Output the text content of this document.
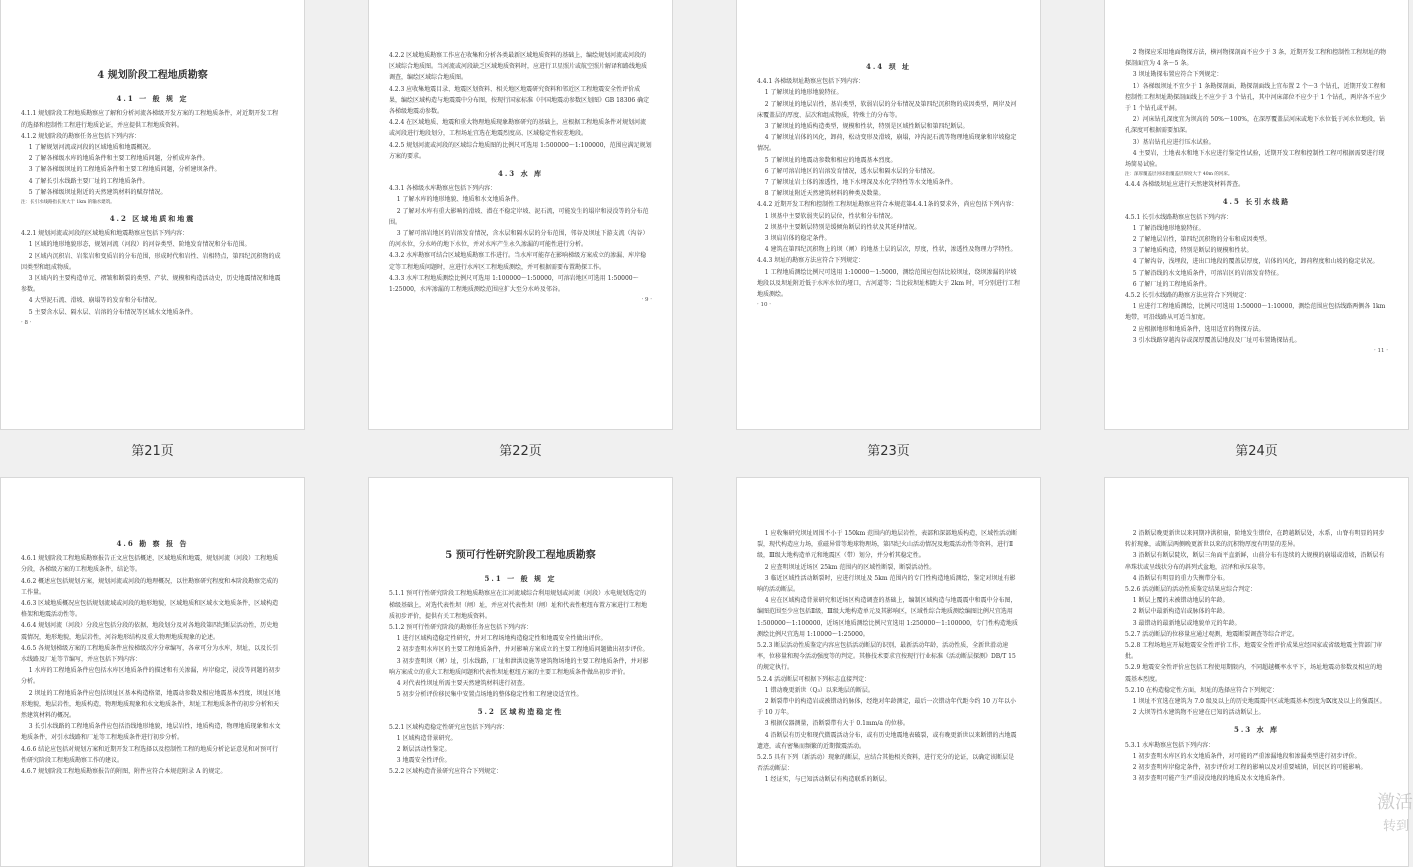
4 规划阶段工程地质勘察

4.1 一 般 规 定

4.1.1 规划阶段工程地质勘察应了解和分析河流各梯级开发方案的工程地质条件，对近期开发工程的选择和控制性工程进行地质论证，并应提供工程地质资料。

4.1.2 规划阶段的勘察任务应包括下列内容：

1 了解规划河流或河段的区域地质和地震概况。

2 了解各梯级水库的地质条件和主要工程地质问题，分析成库条件。

3 了解各梯级坝址的工程地质条件和主要工程地质问题，分析建坝条件。

4 了解长引水线路主要厂址的工程地质条件。

5 了解各梯级坝址附近的天然建筑材料的赋存情况。

注：长引水线路指长度大于 1km 的输水建筑。

4.2 区域地质和地震

4.2.1 规划河流或河段的区域地质和地震勘察应包括下列内容：

1 区域的地形地貌形态，规划河流（河段）的河谷类型、阶地发育情况和分布范围。

2 区域内沉积岩、岩浆岩和变质岩的分布范围，形成时代和岩性、岩相特点，第四纪沉积物的成因类型和组成物质。

3 区域内的主要构造单元、褶皱和断裂的类型、产状、规模和构造活动史，历史地震情况和地震参数。

4 大型泥石流、滑坡、崩塌等的发育和分布情况。

5 主要含水层、隔水层、岩溶的分布情况等区域水文地质条件。

· 8 ·

第21页

4.2.2 区域地质勘察工作应在收集和分析各类最新区域地质资料的基础上，编绘规划河流或河段的区域综合地质图。当河流或河段缺乏区域地质资料时，应进行卫星照片或航空照片解译和路线地质调查，编绘区域综合地质图。

4.2.3 应收集地震目录、地震区划资料、相关地区地震研究资料和邻近区工程地震安全性评价成果，编绘区域构造与地震震中分布图，按现行国家标准《中国地震动参数区划图》GB 18306 确定各梯级地震动参数。

4.2.4 在区域地质、地震和重大物理地质现象勘察研究的基础上，应根据工程地质条件对规划河流或河段进行地段划分，工程场址宜选在地震烈度高、区域稳定性较差地段。

4.2.5 规划河流或河段的区域综合地质图的比例尺可选用 1:500000～1:100000，范围应满足规划方案的要求。

4.3 水 库

4.3.1 各梯级水库勘察应包括下列内容：

1 了解水库的地形地貌、地质和水文地质条件。

2 了解对水库有重大影响的滑坡、潜在不稳定岸坡、泥石流，可能发生的塌岸和浸没等的分布范围。

3 了解可溶岩地区的岩溶发育情况，含水层和隔水层的分布范围，邻谷及坝址下游支流（沟谷）的河水位，分水岭的地下水位，并对水库产生永久渗漏的可能性进行分析。

4.3.2 水库勘察可结合区域地质勘察工作进行。当水库可能存在影响梯级方案成立的渗漏、库岸稳定等工程地质问题时，应进行水库区工程地质测绘，并可根据需要布置勘探工作。

4.3.3 水库工程地质测绘比例尺可选用 1:100000～1:50000，可溶岩地区可选用 1:50000～1:25000，水库渗漏的工程地质测绘范围应扩大至分水岭及邻谷。

· 9 ·

第22页

4.4 坝 址

4.4.1 各梯级坝址勘察应包括下列内容：

1 了解坝址的地形地貌特征。

2 了解坝址的地层岩性，基岩类型，软弱岩层的分布情况及第四纪沉积物的成因类型，两岸及河床覆盖层的厚度、层次和组成物质，特殊土的分布等。

3 了解坝址的地质构造类型，规模和性状，特别是区域性断层和第四纪断层。

4 了解坝址岩体的风化，卸荷，松动变形及滑坡，崩塌，冲沟泥石流等物理地质现象和岸坡稳定情况。

5 了解坝址的地震动参数和相应的地震基本烈度。

6 了解可溶岩地区的岩溶发育情况，透水层和隔水层的分布情况。

7 了解坝址岩土体的渗透性，地下水埋深及水化学特性等水文地质条件。

8 了解坝址附近天然建筑材料的种类及数量。

4.4.2 近期开发工程和控制性工程坝址勘察应符合本规范第4.4.1条的要求外，尚应包括下列内容：

1 坝基中主要软弱夹层的层位，性状和分布情况。

2 坝基中主要断层特别是缓倾角断层的性状及其延伸情况。

3 坝肩岩体的稳定条件。

4 建筑在第四纪沉积物上的坝（闸）的地基土层的层次，厚度，性状，渗透性及物理力学特性。

4.4.3 坝址的勘察方法应符合下列规定：

1 工程地质测绘比例尺可选用 1:10000～1:5000，测绘范围应包括比较坝址，绕坝渗漏的岸坡地段以及坝址附近低于水库水位的垭口，古河道等；当比较坝址相距大于 2km 时，可分别进行工程地质测绘。

· 10 ·

第23页

2 物探应采用地面物探方法，横河物探剖面不应少于 3 条，近期开发工程和控制性工程坝址的物探剖面宜为 4 条～5 条。

3 坝址勘探布置应符合下列规定：

1）各梯级坝址不宜少于 1 条勘探剖面，勘探剖面线上宜布置 2 个～3 个钻孔，近期开发工程和控制性工程坝址勘探剖面线上不应少于 3 个钻孔，其中河床部位不应少于 1 个钻孔，两岸各不应少于 1 个钻孔或平洞。

2）河床钻孔深度宜为坝高的 50%～100%，在深厚覆盖层河床或地下水位低于河水位地段，钻孔深度可根据需要加深。

3）基岩钻孔应进行压水试验。

4 主要岩，土地表水和地下水应进行鉴定性试验，近期开发工程和控制性工程可根据需要进行现场简易试验。

注：深厚覆盖层河床指覆盖层厚度大于 40m 的河床。

4.4.4 各梯级坝址应进行天然建筑材料普查。

4.5 长引水线路

4.5.1 长引水线路勘察应包括下列内容：

1 了解沿线地形地貌特征。

2 了解地层岩性，第四纪沉积物的分布和成因类型。

3 了解地质构造，特别是断层的规模和性状。

4 了解沟谷，浅埋段，进出口地段的覆盖层厚度，岩体的风化，卸荷程度和山坡的稳定状况。

5 了解沿线的水文地质条件，可溶岩区的岩溶发育特征。

6 了解厂址的工程地质条件。

4.5.2 长引水线路的勘察方法应符合下列规定：

1 应进行工程地质测绘，比例尺可选用 1:50000～1:10000，测绘范围应包括线路两侧各 1km 地带，可沿线路从可适当加宽。

2 应根据地形和地质条件，选用适宜的物探方法。

3 引水线路穿越沟谷或深厚覆盖层地段及厂址可布置勘探钻孔。

· 11 ·

第24页

4.6 勘 察 报 告

4.6.1 规划阶段工程地质勘察报告正文应包括概述，区域地质和地震，规划河流（河段）工程地质分段，各梯级方案的工程地质条件，结论等。

4.6.2 概述应包括规划方案，规划河流或河段的地理概况，以往勘察研究程度和本阶段勘察完成的工作量。

4.6.3 区域地质概况应包括规划流域或河段的地形地貌，区域地质和区域水文地质条件，区域构造格架和地震活动性等。

4.6.4 规划河流（河段）分段应包括分段的依据，地段划分及对各地段第四纪断层活动性，历史地震情况，地形地貌，地层岩性，河谷地形结构及重大物理地质现象的论述。

4.6.5 各规划梯级方案的工程地质条件应按梯级次序分章编写，各章可分为水库，坝址，以及长引水线路及厂址等节编写，并应包括下列内容：

1 水库的工程地质条件应包括水库区地质条件的描述和有关渗漏，库岸稳定，浸没等问题的初步分析。

2 坝址的工程地质条件应包括坝址区基本构造格架，地震动参数及相应地震基本烈度，坝址区地形地貌，地层岩性，地质构造，物理地质现象和水文地质条件，坝址工程地质条件的初步分析和天然建筑材料的概况。

3 长引水线路的工程地质条件应包括沿线地形地貌，地层岩性，地质构造，物理地质现象和水文地质条件，对引水线路和厂址等工程地质条件进行初步分析。

4.6.6 结论应包括对规划方案和近期开发工程选择以及控制性工程的地质分析论证意见和对预可行性研究阶段工程地质勘察工作的建议。

4.6.7 规划阶段工程地质勘察报告的附图，附件应符合本规范附录 A 的规定。

5 预可行性研究阶段工程地质勘察

5.1 一 般 规 定

5.1.1 预可行性研究阶段工程地质勘察应在江河流域综合利用规划或河流（河段）水电规划选定的梯级基础上，对选代表性坝（闸）址，并应对代表性坝（闸）址和代表性枢纽布置方案进行工程地质初步评价，提供有关工程地质资料。

5.1.2 预可行性研究阶段的勘察任务应包括下列内容：

1 进行区域构造稳定性研究，并对工程场地构造稳定性和地震安全性做出评价。

2 初步查明水库区的主要工程地质条件，并对影响方案成立的主要工程地质问题做出初步评价。

3 初步查明坝（闸）址，引水线路，厂址和泄洪设施等建筑物场地的主要工程地质条件，并对影响方案成立的重大工程地质问题和代表性坝址枢纽方案的主要工程地质条件做出初步评价。

4 对代表性坝址所需主要天然建筑材料进行初查。

5 初步分析评价移民集中安置点场地的整体稳定性和工程建设适宜性。

5.2 区域构造稳定性

5.2.1 区域构造稳定性研究应包括下列内容：

1 区域构造背景研究。

2 断层活动性鉴定。

3 地震安全性评价。

5.2.2 区域构造背景研究应符合下列规定：

1 应收集研究坝址周围不小于 150km 范围内的地层岩性，表部和深部地质构造，区域性活动断裂，现代构造应力场，重磁异常等地球物理场，第四纪火山活动情况及地震活动性等资料，进行Ⅱ级，Ⅲ级大地构造单元和地震区（带）划分，并分析其稳定性。

2 应查明坝址近场区 25km 范围内的区域性断裂，断裂活动性。

3 临近区域性活动断裂时，应进行坝址及 5km 范围内的专门性构造地质测绘，鉴定对坝址有影响的活动断层。

4 应在区域构造背景研究和近场区构造调查的基础上，编制区域构造与地震震中和震中分布图，编图范围至少应包括Ⅱ级，Ⅲ级大地构造单元及其影响区，区域性综合地质测绘编图比例尺宜选用 1:500000～1:100000，近场区地质测绘比例尺宜选用 1:250000～1:100000，专门性构造地质测绘比例尺宜选用 1:10000～1:25000。

5.2.3 断层活动性质鉴定内容应包括活动断层的识别，最新活动年龄，活动性质，全新世滑动速率，位移量和现今活动强度等的判定。其修技术要求宜按现行行业标准《活动断层探测》DB/T 15 的规定执行。

5.2.4 活动断层可根据下列标志直接判定：

1 错动晚更新世（Q₃）以来地层的断层。

2 断裂带中的构造岩或被错动的脉体，经绝对年龄测定，最后一次错动年代距今约 10 万年以小于 10 万年。

3 根据仪器测量，沿断裂带有大于 0.1mm/a 的位移。

4 沿断层有历史和现代微震活动分布，或有历史地震地表破裂，或有晚更新世以来断错的古地震遗迹，或有密集而频繁的近期微震活动。

5.2.5 具有下列（新活动）现象的断层，应结合其他相关资料，进行充分的论证，以确定该断层是否活动断层：

1 经证实，与已知活动断层有构造联系的断层。

2 沿断层晚更新世以来同期冲洪积扇，阶地发生错位，在跨越断层处，水系，山脊有明显的同步转折现象，或断层两侧晚更新世以来的沉积物厚度有明显的差异。

3 沿断层有断层陡坎，断层三角面平直新鲜，山前分布有连续的大规模的崩塌或滑坡，沿断层有串珠状或呈线状分布的斜列式盆地，沼泽和承压泉等。

4 沿断层有明显的重力失衡带分布。

5.2.6 活动断层的活动性质鉴定结果应综合判定：

1 断层上覆的未被错动地层的年龄。

2 断层中最新构造岩或脉体的年龄。

3 最错动的最新地层或地貌单元的年龄。

5.2.7 活动断层的位移量应通过观测，地震断裂调查等综合评定。

5.2.8 工程场地应开展地震安全性评价工作，地震安全性评价成果应经国家或省级地震主管部门审批。

5.2.9 地震安全性评价应包括工程使用期限内，不同超越概率水平下，场址地震动参数及相应的地震基本烈度。

5.2.10 在构造稳定性方面，坝址的选择应符合下列规定：

1 坝址不宜选在建筑为 7.0 级及以上的历史地震震中区或地震基本烈度为Ⅸ度及以上的强震区。

2 大坝等挡水建筑物不应建在已知的活动断层上。

5.3 水 库

5.3.1 水库勘察应包括下列内容：

1 初步查明水库区的水文地质条件，对可能的严重渗漏地段和渗漏类型进行初步评价。

2 初步查明库岸稳定条件，初步评价对工程的影响以及对重要城镇，居民区的可能影响。

3 初步查明可能产生严重浸没地段的地质及水文地质条件。

激活
转到
